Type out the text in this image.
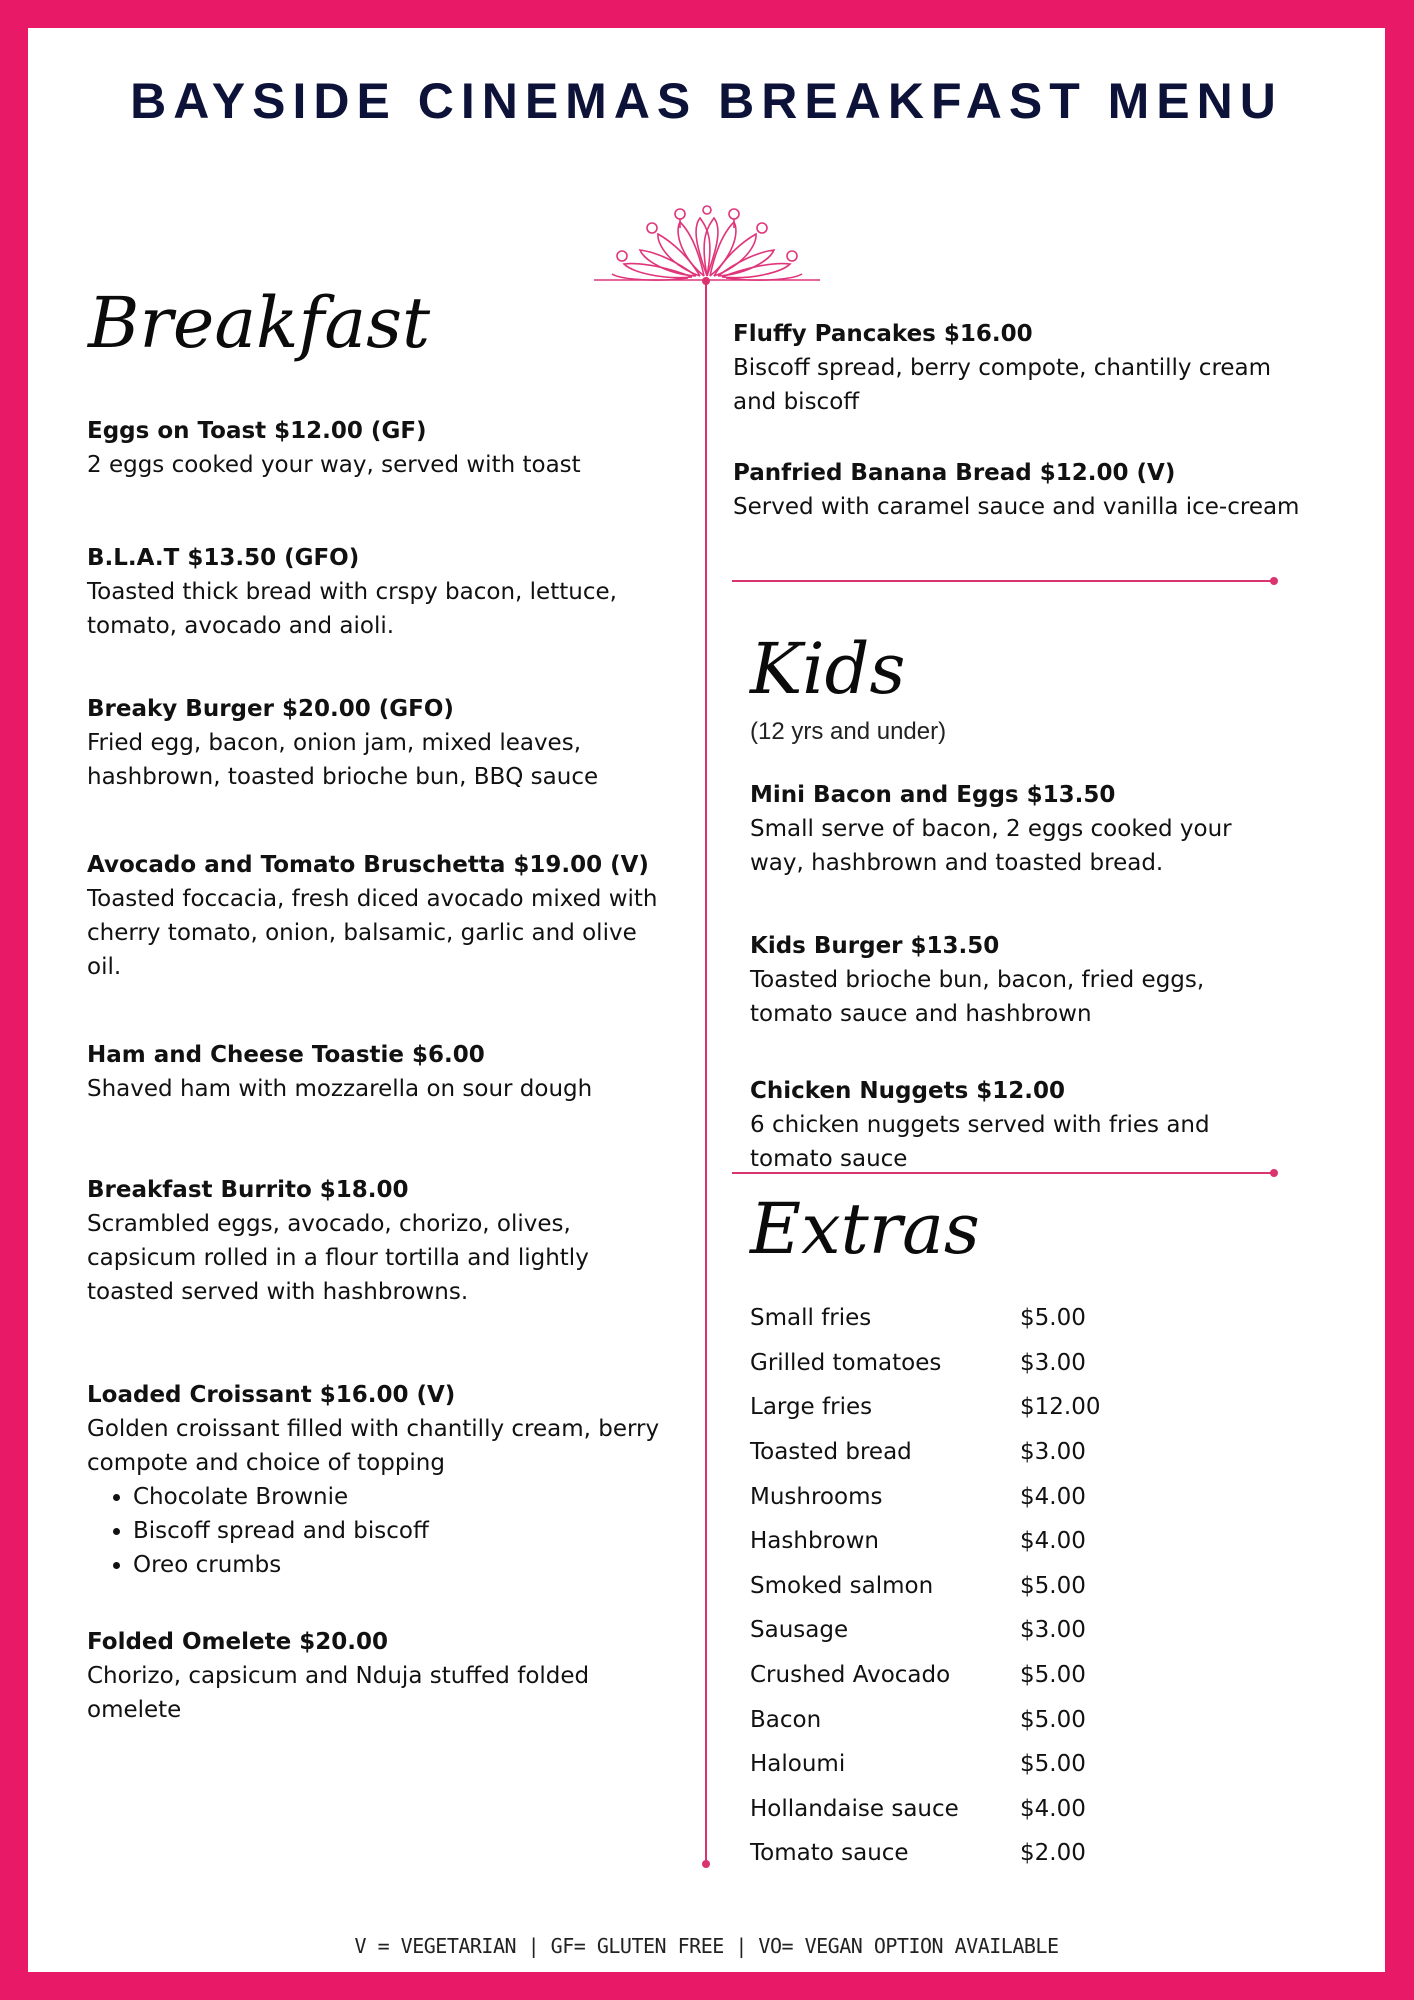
BAYSIDE CINEMAS BREAKFAST MENU
Breakfast
Eggs on Toast $12.00 (GF)
2 eggs cooked your way, served with toast
B.L.A.T $13.50 (GFO)
Toasted thick bread with crspy bacon, lettuce, tomato, avocado and aioli.
Breaky Burger $20.00 (GFO)
Fried egg, bacon, onion jam, mixed leaves, hashbrown, toasted brioche bun, BBQ sauce
Avocado and Tomato Bruschetta $19.00 (V)
Toasted foccacia, fresh diced avocado mixed with cherry tomato, onion, balsamic, garlic and olive oil.
Ham and Cheese Toastie $6.00
Shaved ham with mozzarella on sour dough
Breakfast Burrito $18.00
Scrambled eggs, avocado, chorizo, olives, capsicum rolled in a flour tortilla and lightly toasted served with hashbrowns.
Loaded Croissant $16.00 (V)
Golden croissant filled with chantilly cream, berry compote and choice of topping
• Chocolate Brownie
• Biscoff spread and biscoff
• Oreo crumbs
Folded Omelete $20.00
Chorizo, capsicum and Nduja stuffed folded omelete
Fluffy Pancakes $16.00
Biscoff spread, berry compote, chantilly cream and biscoff
Panfried Banana Bread $12.00 (V)
Served with caramel sauce and vanilla ice-cream
Kids
(12 yrs and under)
Mini Bacon and Eggs $13.50
Small serve of bacon, 2 eggs cooked your way, hashbrown and toasted bread.
Kids Burger $13.50
Toasted brioche bun, bacon, fried eggs, tomato sauce and hashbrown
Chicken Nuggets $12.00
6 chicken nuggets served with fries and tomato sauce
Extras
Small fries	$5.00
Grilled tomatoes	$3.00
Large fries	$12.00
Toasted bread	$3.00
Mushrooms	$4.00
Hashbrown	$4.00
Smoked salmon	$5.00
Sausage	$3.00
Crushed Avocado	$5.00
Bacon	$5.00
Haloumi	$5.00
Hollandaise sauce	$4.00
Tomato sauce	$2.00
V = VEGETARIAN | GF= GLUTEN FREE | VO= VEGAN OPTION AVAILABLE
